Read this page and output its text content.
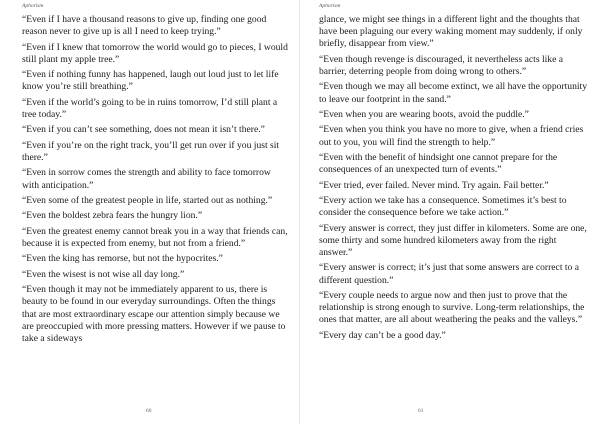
Aphorism

“Even if I have a thousand reasons to give up, finding one good reason never to give up is all I need to keep trying.”

“Even if I knew that tomorrow the world would go to pieces, I would still plant my apple tree.”

“Even if nothing funny has happened, laugh out loud just to let life know you’re still breathing.”

“Even if the world’s going to be in ruins tomorrow, I’d still plant a tree today.”

“Even if you can’t see something, does not mean it isn’t there.”

“Even if you’re on the right track, you’ll get run over if you just sit there.”

“Even in sorrow comes the strength and ability to face tomorrow with anticipation.”

“Even some of the greatest people in life, started out as nothing.”

“Even the boldest zebra fears the hungry lion.”

“Even the greatest enemy cannot break you in a way that friends can, because it is expected from enemy, but not from a friend.”

“Even the king has remorse, but not the hypocrites.”

“Even the wisest is not wise all day long.”

“Even though it may not be immediately apparent to us, there is beauty to be found in our everyday surroundings. Often the things that are most extraordinary escape our attention simply because we are preoccupied with more pressing matters. However if we pause to take a sideways

60
Aphorism

glance, we might see things in a different light and the thoughts that have been plaguing our every waking moment may suddenly, if only briefly, disappear from view.”

“Even though revenge is discouraged, it nevertheless acts like a barrier, deterring people from doing wrong to others.”

“Even though we may all become extinct, we all have the opportunity to leave our footprint in the sand.”

“Even when you are wearing boots, avoid the puddle.”

“Even when you think you have no more to give, when a friend cries out to you, you will find the strength to help.”

“Even with the benefit of hindsight one cannot prepare for the consequences of an unexpected turn of events.”

“Ever tried, ever failed. Never mind. Try again. Fail better.”

“Every action we take has a consequence. Sometimes it’s best to consider the consequence before we take action.”

“Every answer is correct, they just differ in kilometers. Some are one, some thirty and some hundred kilometers away from the right answer.”

“Every answer is correct; it’s just that some answers are correct to a different question.”

“Every couple needs to argue now and then just to prove that the relationship is strong enough to survive. Long-term relationships, the ones that matter, are all about weathering the peaks and the valleys.”

“Every day can’t be a good day.”

61
